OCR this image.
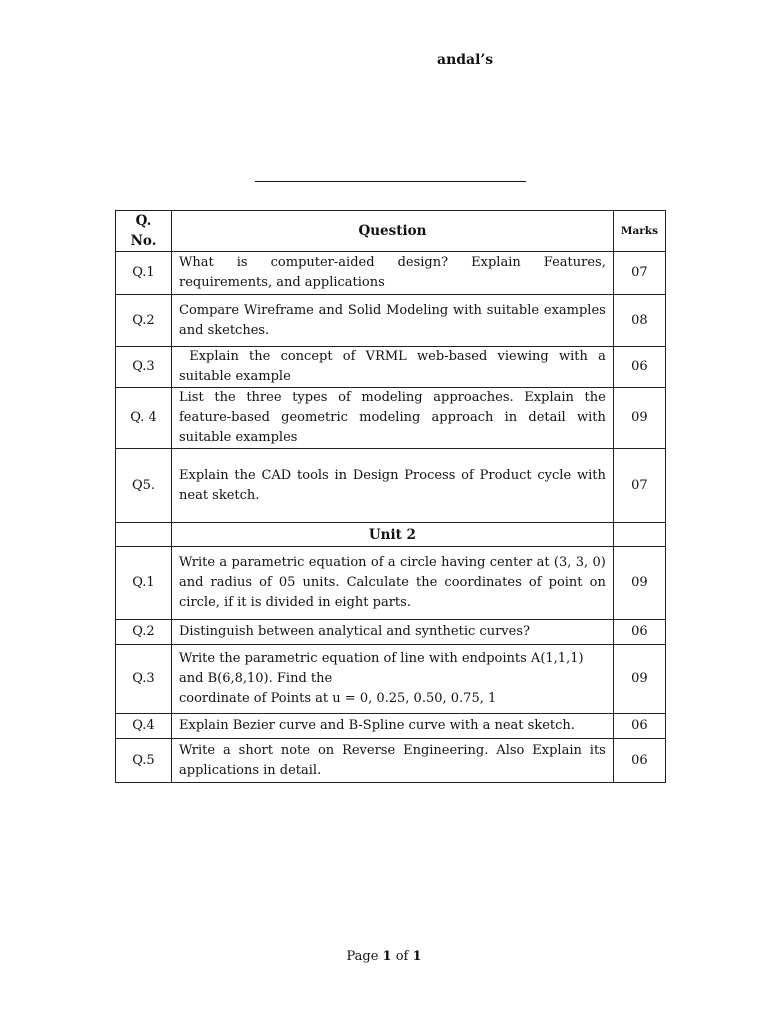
andal’s
Q. No.	Question	Marks
Q.1	What is computer-aided design? Explain Features, requirements, and applications	07
Q.2	Compare Wireframe and Solid Modeling with suitable examples and sketches.	08
Q.3	Explain the concept of VRML web-based viewing with a suitable example	06
Q. 4	List the three types of modeling approaches. Explain the feature-based geometric modeling approach in detail with suitable examples	09
Q5.	Explain the CAD tools in Design Process of Product cycle with neat sketch.	07
	Unit 2	
Q.1	Write a parametric equation of a circle having center at (3, 3, 0) and radius of 05 units. Calculate the coordinates of point on circle, if it is divided in eight parts.	09
Q.2	Distinguish between analytical and synthetic curves?	06
Q.3	Write the parametric equation of line with endpoints A(1,1,1)
and B(6,8,10). Find the
coordinate of Points at u = 0, 0.25, 0.50, 0.75, 1	09
Q.4	Explain Bezier curve and B-Spline curve with a neat sketch.	06
Q.5	Write a short note on Reverse Engineering. Also Explain its applications in detail.	06
Page 1 of 1
